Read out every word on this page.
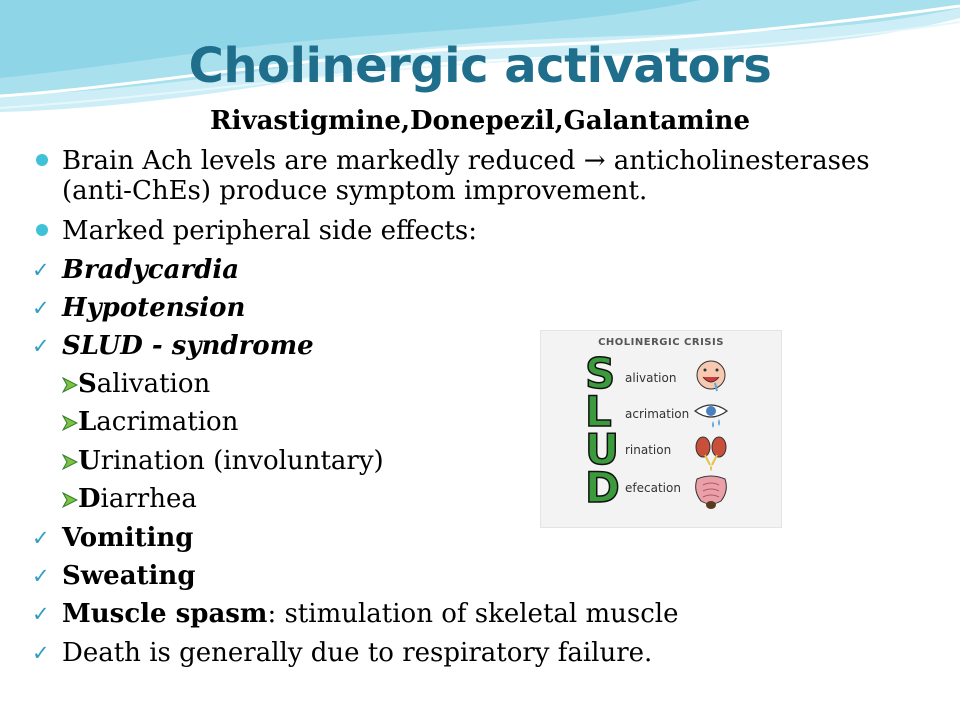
Cholinergic activators
Rivastigmine,Donepezil,Galantamine
Brain Ach levels are markedly reduced → anticholinesterases
(anti-ChEs) produce symptom improvement.
Marked peripheral side effects:
✓ Bradycardia
✓ Hypotension
✓ SLUD - syndrome
Salivation
Lacrimation
Urination (involuntary)
Diarrhea
✓ Vomiting
✓ Sweating
✓ Muscle spasm: stimulation of skeletal muscle
✓ Death is generally due to respiratory failure.
CHOLINERGIC CRISIS
S alivation
L acrimation
U rination
D efecation
